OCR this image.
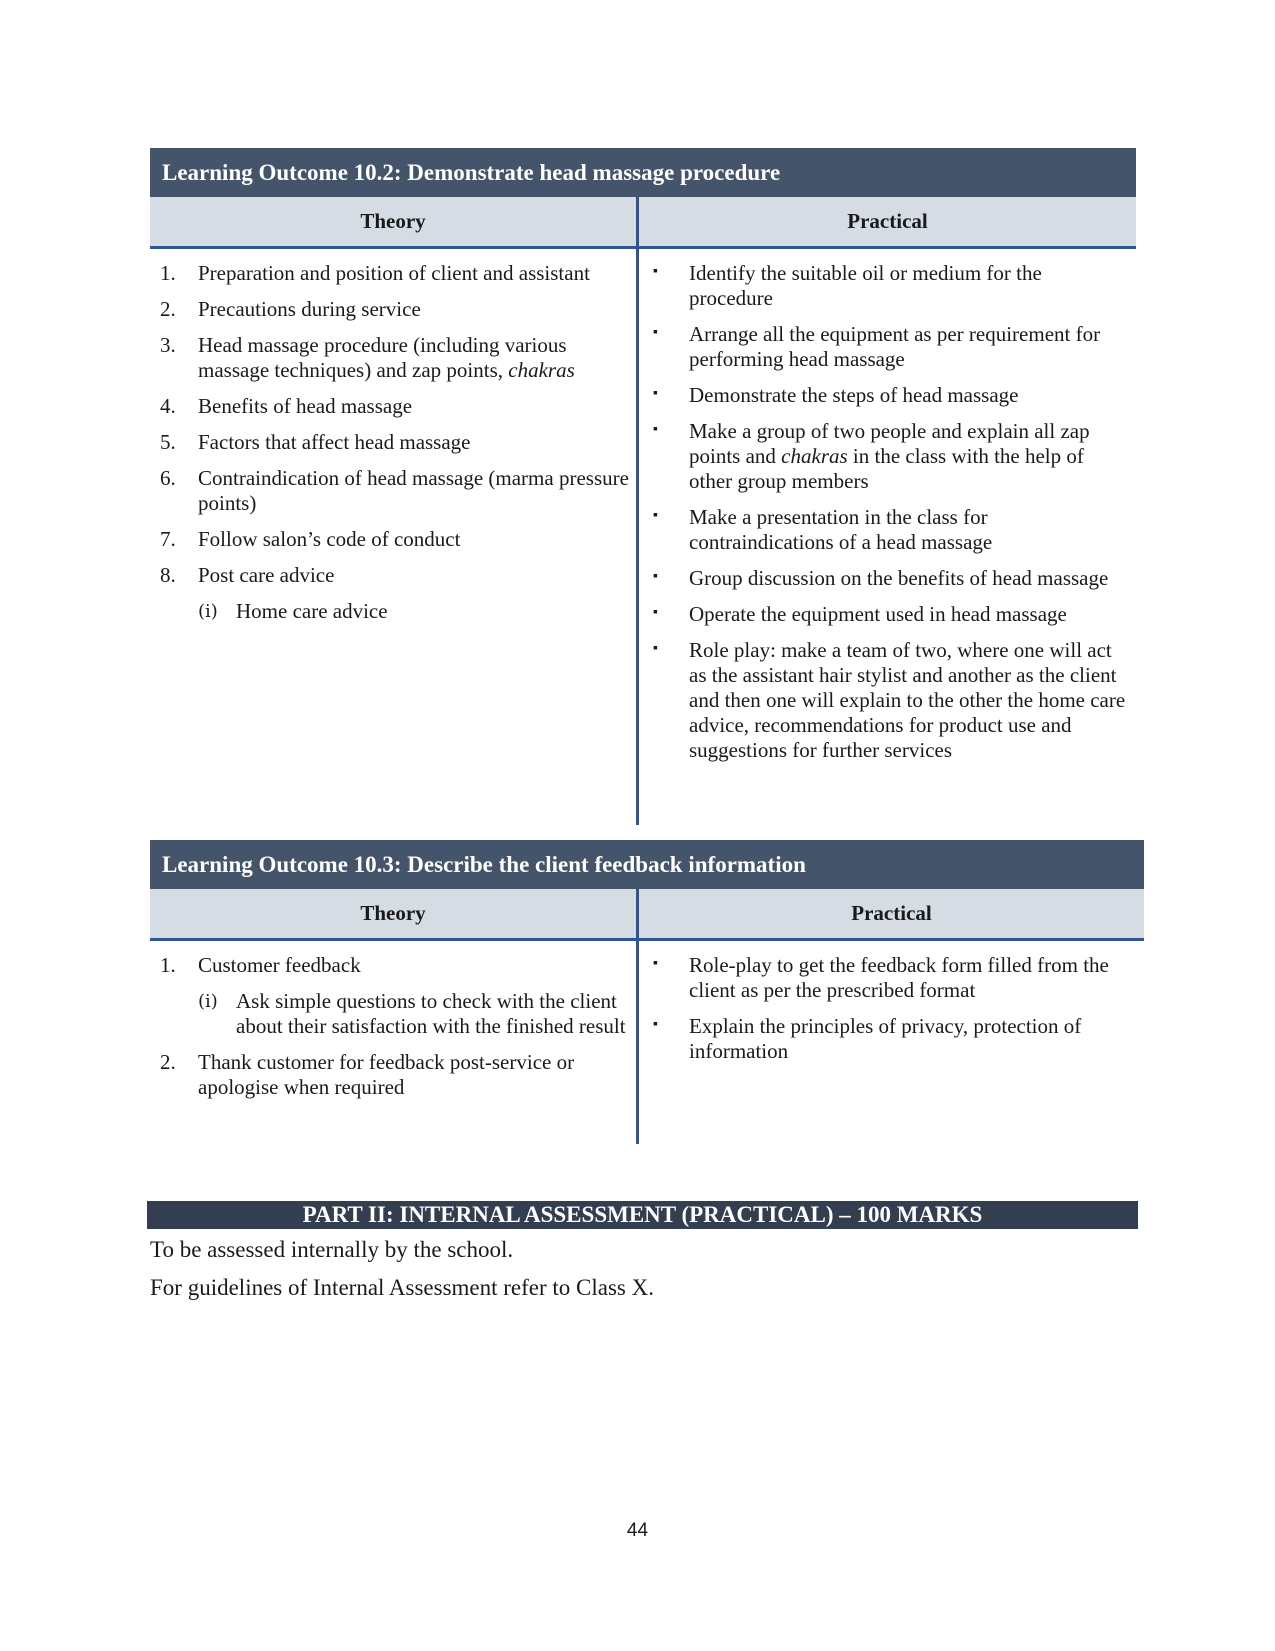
Learning Outcome 10.2: Demonstrate head massage procedure
Theory	Practical
1.	Preparation and position of client and assistant
2.	Precautions during service
3.	Head massage procedure (including various massage techniques) and zap points, chakras
4.	Benefits of head massage
5.	Factors that affect head massage
6.	Contraindication of head massage (marma pressure points)
7.	Follow salon’s code of conduct
8.	Post care advice
(i) Home care advice
▪	Identify the suitable oil or medium for the procedure
▪	Arrange all the equipment as per requirement for performing head massage
▪	Demonstrate the steps of head massage
▪	Make a group of two people and explain all zap points and chakras in the class with the help of other group members
▪	Make a presentation in the class for contraindications of a head massage
▪	Group discussion on the benefits of head massage
▪	Operate the equipment used in head massage
▪	Role play: make a team of two, where one will act as the assistant hair stylist and another as the client and then one will explain to the other the home care advice, recommendations for product use and suggestions for further services
Learning Outcome 10.3: Describe the client feedback information
Theory	Practical
1.	Customer feedback
(i) Ask simple questions to check with the client about their satisfaction with the finished result
2.	Thank customer for feedback post-service or apologise when required
▪	Role-play to get the feedback form filled from the client as per the prescribed format
▪	Explain the principles of privacy, protection of information
PART II: INTERNAL ASSESSMENT (PRACTICAL) – 100 MARKS
To be assessed internally by the school.
For guidelines of Internal Assessment refer to Class X.
44
